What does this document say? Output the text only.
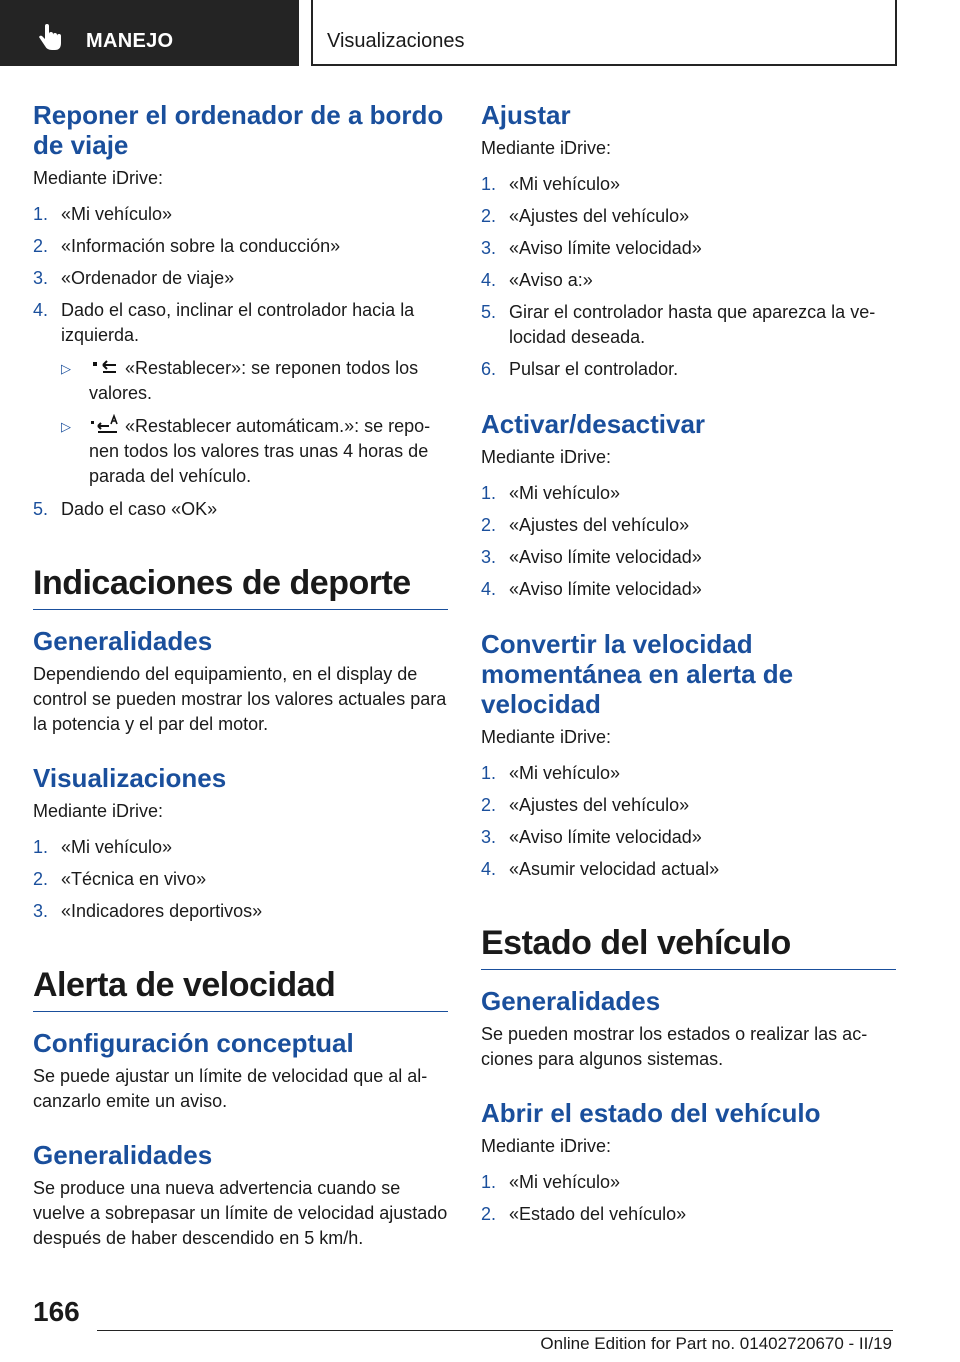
MANEJO	Visualizaciones
Reponer el ordenador de a bordo de viaje

Mediante iDrive:

1. «Mi vehículo»
2. «Información sobre la conducción»
3. «Ordenador de viaje»
4. Dado el caso, inclinar el controlador hacia la izquierda.
▷	«Restablecer»: se reponen todos los valores.
▷	«Restablecer automáticam.»: se reponen todos los valores tras unas 4 horas de parada del vehículo.
5. Dado el caso «OK»
Indicaciones de deporte
Generalidades

Dependiendo del equipamiento, en el display de control se pueden mostrar los valores actuales para la potencia y el par del motor.

Visualizaciones

Mediante iDrive:

1. «Mi vehículo»
2. «Técnica en vivo»
3. «Indicadores deportivos»
Alerta de velocidad
Configuración conceptual

Se puede ajustar un límite de velocidad que al alcanzarlo emite un aviso.

Generalidades

Se produce una nueva advertencia cuando se vuelve a sobrepasar un límite de velocidad ajustado después de haber descendido en 5 km/h.

Ajustar

Mediante iDrive:

1. «Mi vehículo»
2. «Ajustes del vehículo»
3. «Aviso límite velocidad»
4. «Aviso a:»
5. Girar el controlador hasta que aparezca la velocidad deseada.
6. Pulsar el controlador.
Activar/desactivar

Mediante iDrive:

1. «Mi vehículo»
2. «Ajustes del vehículo»
3. «Aviso límite velocidad»
4. «Aviso límite velocidad»
Convertir la velocidad momentánea en alerta de velocidad

Mediante iDrive:

1. «Mi vehículo»
2. «Ajustes del vehículo»
3. «Aviso límite velocidad»
4. «Asumir velocidad actual»
Estado del vehículo
Generalidades

Se pueden mostrar los estados o realizar las acciones para algunos sistemas.

Abrir el estado del vehículo

Mediante iDrive:

1. «Mi vehículo»
2. «Estado del vehículo»
166
Online Edition for Part no. 01402720670 - II/19
